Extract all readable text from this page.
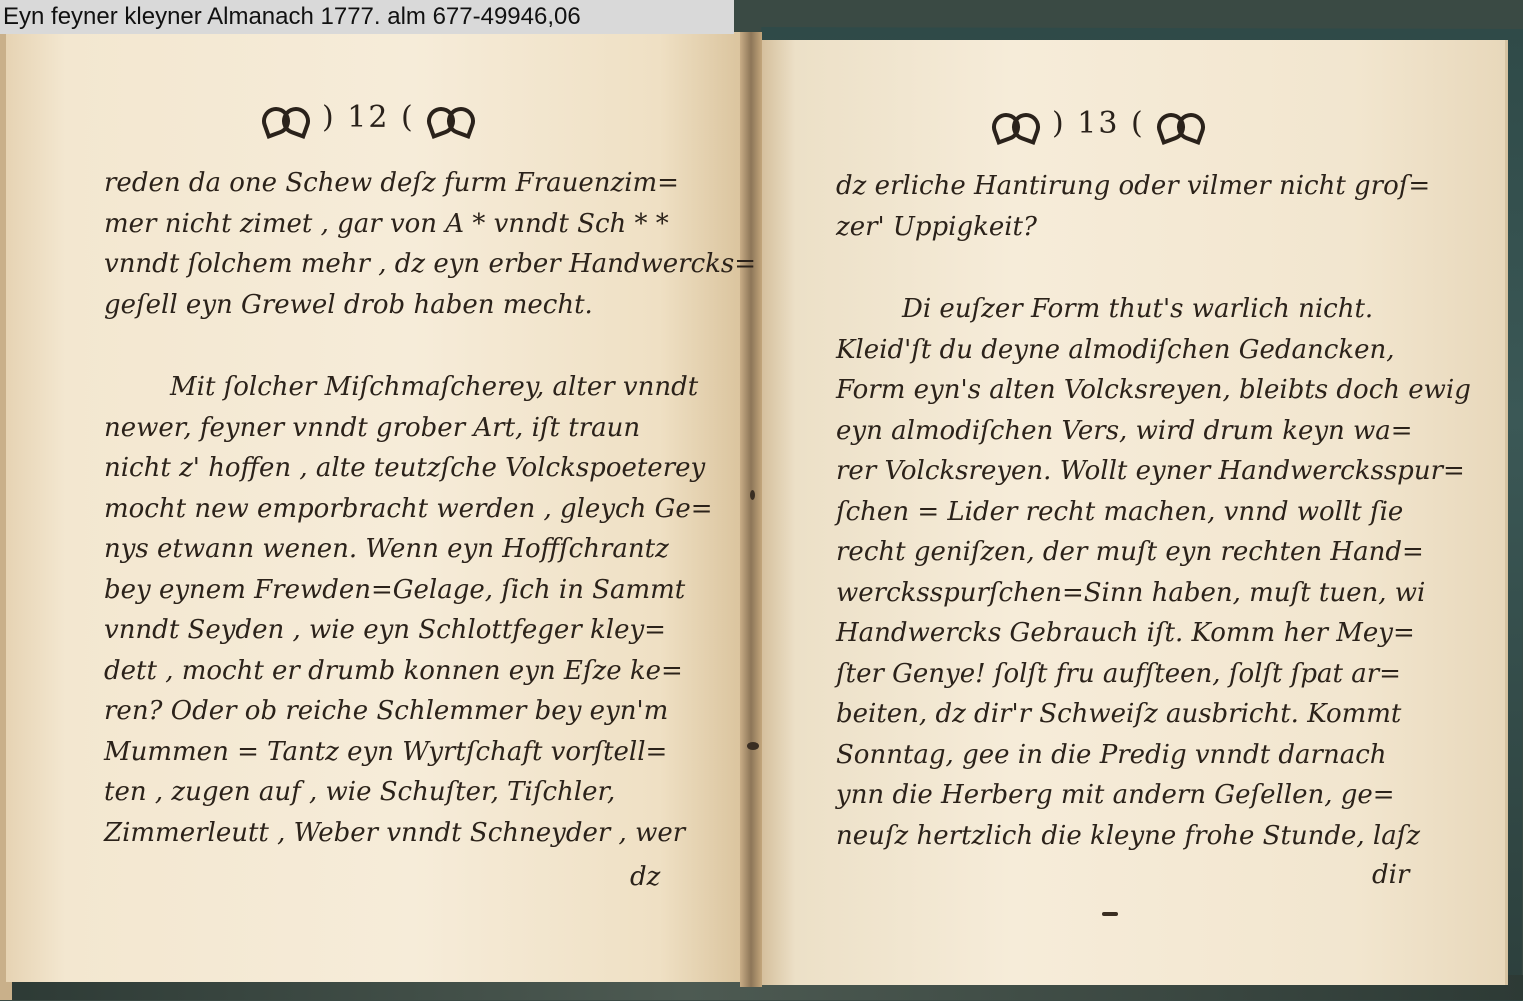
Eyn feyner kleyner Almanach 1777. alm 677-49946,06
) 12 (

reden da one Schew deſz furm Frauenzim=

mer nicht zimet , gar von A * vnndt Sch * *

vnndt ſolchem mehr , dz eyn erber Handwercks=

geſell eyn Grewel drob haben mecht.

Mit ſolcher Miſchmaſcherey, alter vnndt

newer, feyner vnndt grober Art, iſt traun

nicht z' hoffen , alte teutzſche Volckspoeterey

mocht new emporbracht werden , gleych Ge=

nys etwann wenen. Wenn eyn Hoffſchrantz

bey eynem Frewden=Gelage, ſich in Sammt

vnndt Seyden , wie eyn Schlottfeger kley=

dett , mocht er drumb konnen eyn Eſze ke=

ren? Oder ob reiche Schlemmer bey eyn'm

Mummen = Tantz eyn Wyrtſchaft vorſtell=

ten , zugen auf , wie Schuſter, Tiſchler,

Zimmerleutt , Weber vnndt Schneyder , wer

dz
) 13 (

dz erliche Hantirung oder vilmer nicht groſ=

zer' Uppigkeit?

Di euſzer Form thut's warlich nicht.

Kleid'ſt du deyne almodiſchen Gedancken,

Form eyn's alten Volcksreyen, bleibts doch ewig

eyn almodiſchen Vers, wird drum keyn wa=

rer Volcksreyen. Wollt eyner Handwercksspur=

ſchen = Lider recht machen, vnnd wollt ſie

recht geniſzen, der muſt eyn rechten Hand=

wercksspurſchen=Sinn haben, muſt tuen, wi

Handwercks Gebrauch iſt. Komm her Mey=

ſter Genye! ſolſt fru aufſteen, ſolſt ſpat ar=

beiten, dz dir'r Schweiſz ausbricht. Kommt

Sonntag, gee in die Predig vnndt darnach

ynn die Herberg mit andern Geſellen, ge=

neuſz hertzlich die kleyne frohe Stunde, laſz

dir
